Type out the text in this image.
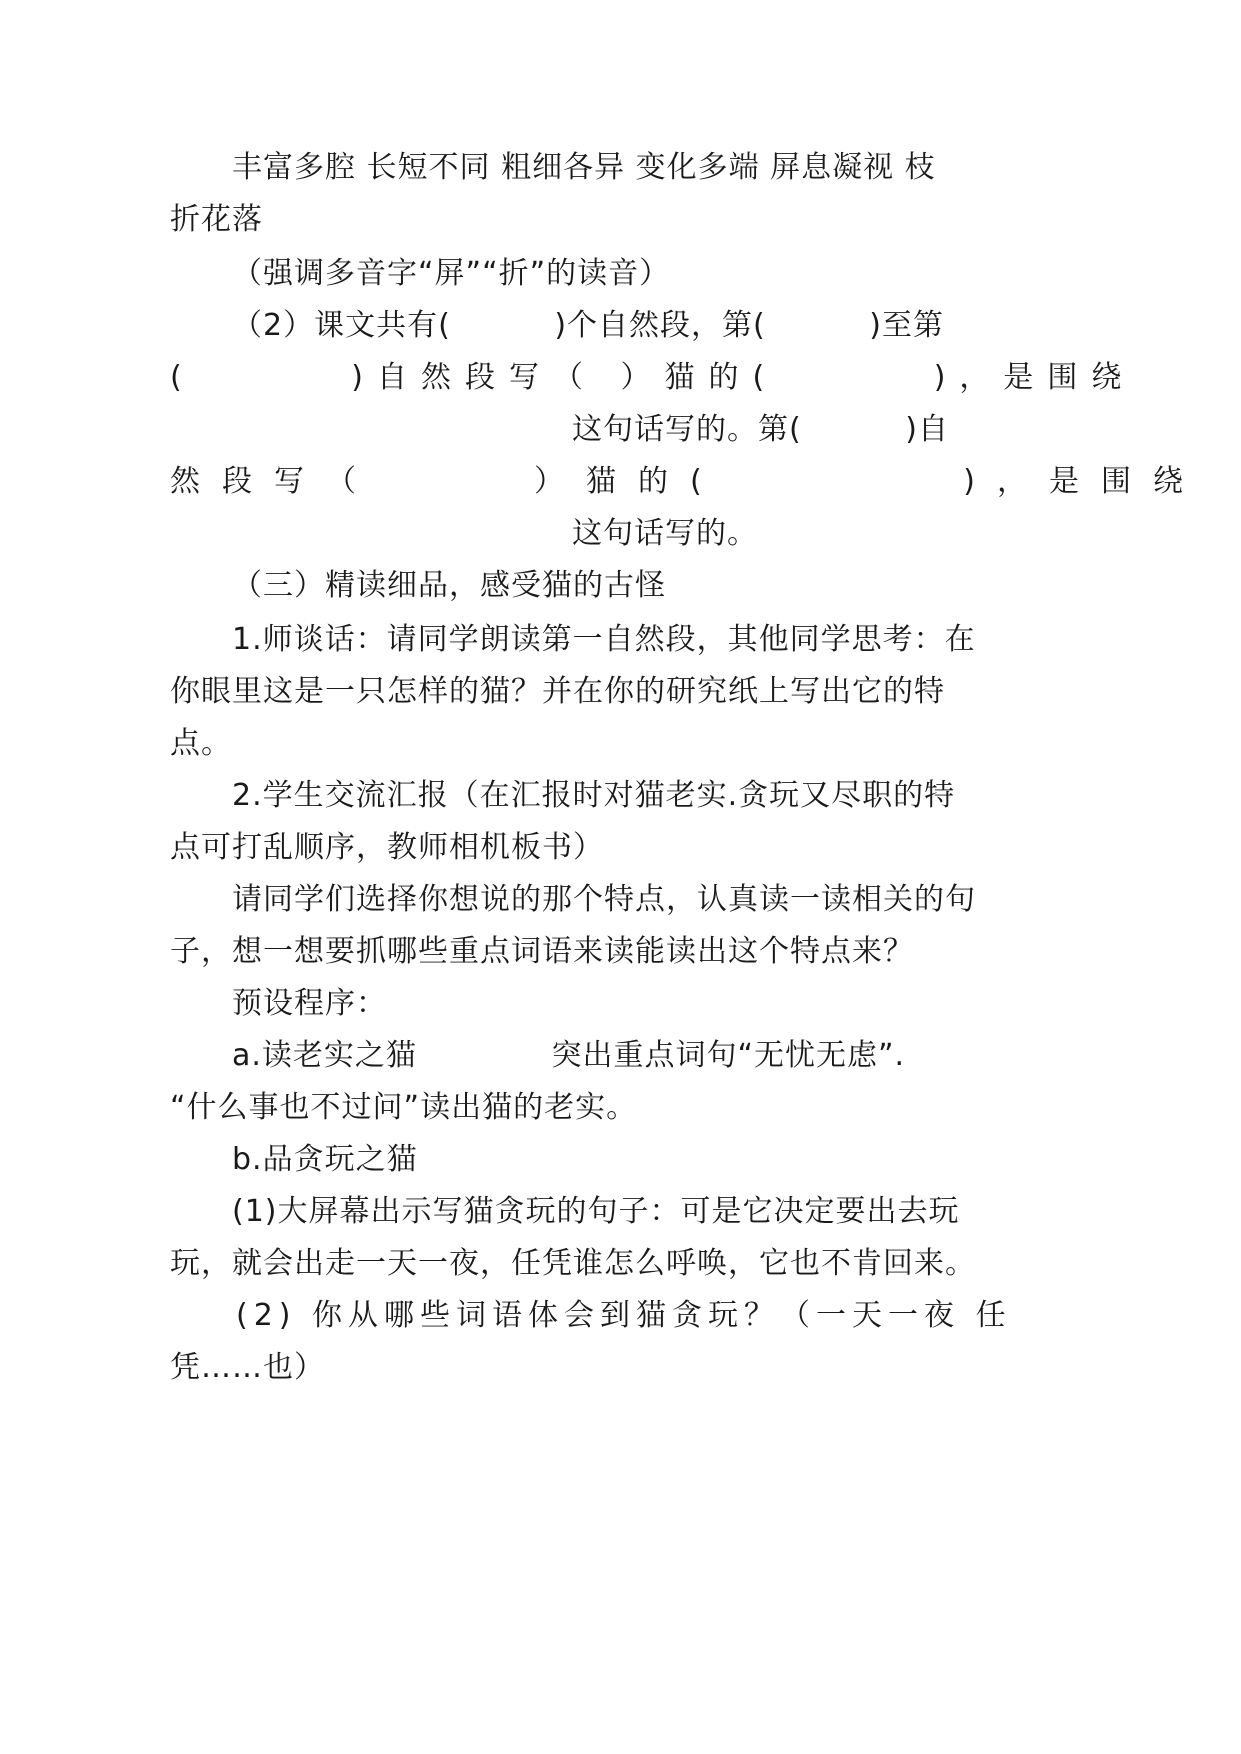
丰富多腔 长短不同 粗细各异 变化多端 屏息凝视 枝
折花落
（强调多音字“屏”“折”的读音）
（2）课文共有(　　　 )个自然段，第(　　　 )至第
(　　　 )自然段写（ ）猫的(　　　 )，是围绕
这句话写的。第(　　　 )自
然段写（　　　）猫的(　　　　 )，是围绕
这句话写的。
（三）精读细品，感受猫的古怪
1.师谈话：请同学朗读第一自然段，其他同学思考：在
你眼里这是一只怎样的猫？并在你的研究纸上写出它的特
点。
2.学生交流汇报（在汇报时对猫老实.贪玩又尽职的特
点可打乱顺序，教师相机板书）
请同学们选择你想说的那个特点，认真读一读相关的句
子，想一想要抓哪些重点词语来读能读出这个特点来？
预设程序：
a.读老实之猫　　　　 突出重点词句“无忧无虑”.
“什么事也不过问”读出猫的老实。
b.品贪玩之猫
(1)大屏幕出示写猫贪玩的句子：可是它决定要出去玩
玩，就会出走一天一夜，任凭谁怎么呼唤，它也不肯回来。
(2) 你从哪些词语体会到猫贪玩？（一天一夜 任
凭……也）
